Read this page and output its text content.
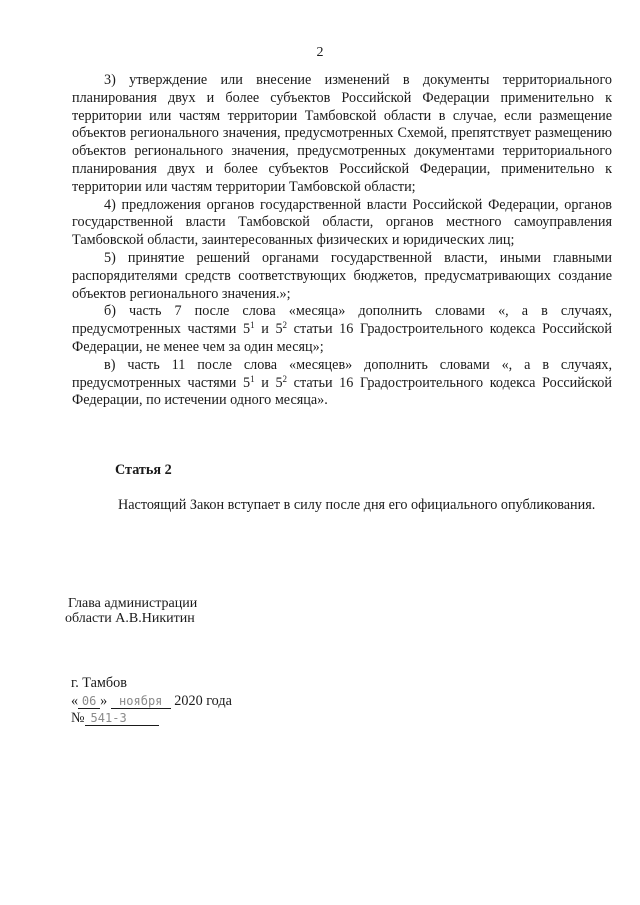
2

3) утверждение или внесение изменений в документы территориального планирования двух и более субъектов Российской Федерации применительно к территории или частям территории Тамбовской области в случае, если размещение объектов регионального значения, предусмотренных Схемой, препятствует размещению объектов регионального значения, предусмотренных документами территориального планирования двух и более субъектов Российской Федерации, применительно к территории или частям территории Тамбовской области;

4) предложения органов государственной власти Российской Федерации, органов государственной власти Тамбовской области, органов местного самоуправления Тамбовской области, заинтересованных физических и юридических лиц;

5) принятие решений органами государственной власти, иными главными распорядителями средств соответствующих бюджетов, предусматривающих создание объектов регионального значения.»;

б) часть 7 после слова «месяца» дополнить словами «, а в случаях, предусмотренных частями $5^1$ и $5^2$ статьи 16 Градостроительного кодекса Российской Федерации, не менее чем за один месяц»;

в) часть 11 после слова «месяцев» дополнить словами «, а в случаях, предусмотренных частями $5^1$ и $5^2$ статьи 16 Градостроительного кодекса Российской Федерации, по истечении одного месяца».

Статья 2

Настоящий Закон вступает в силу после дня его официального опубликования.

Глава администрации
области А.В.Никитин
г. Тамбов
« 06 » ноября 2020 года
№ 541-З
